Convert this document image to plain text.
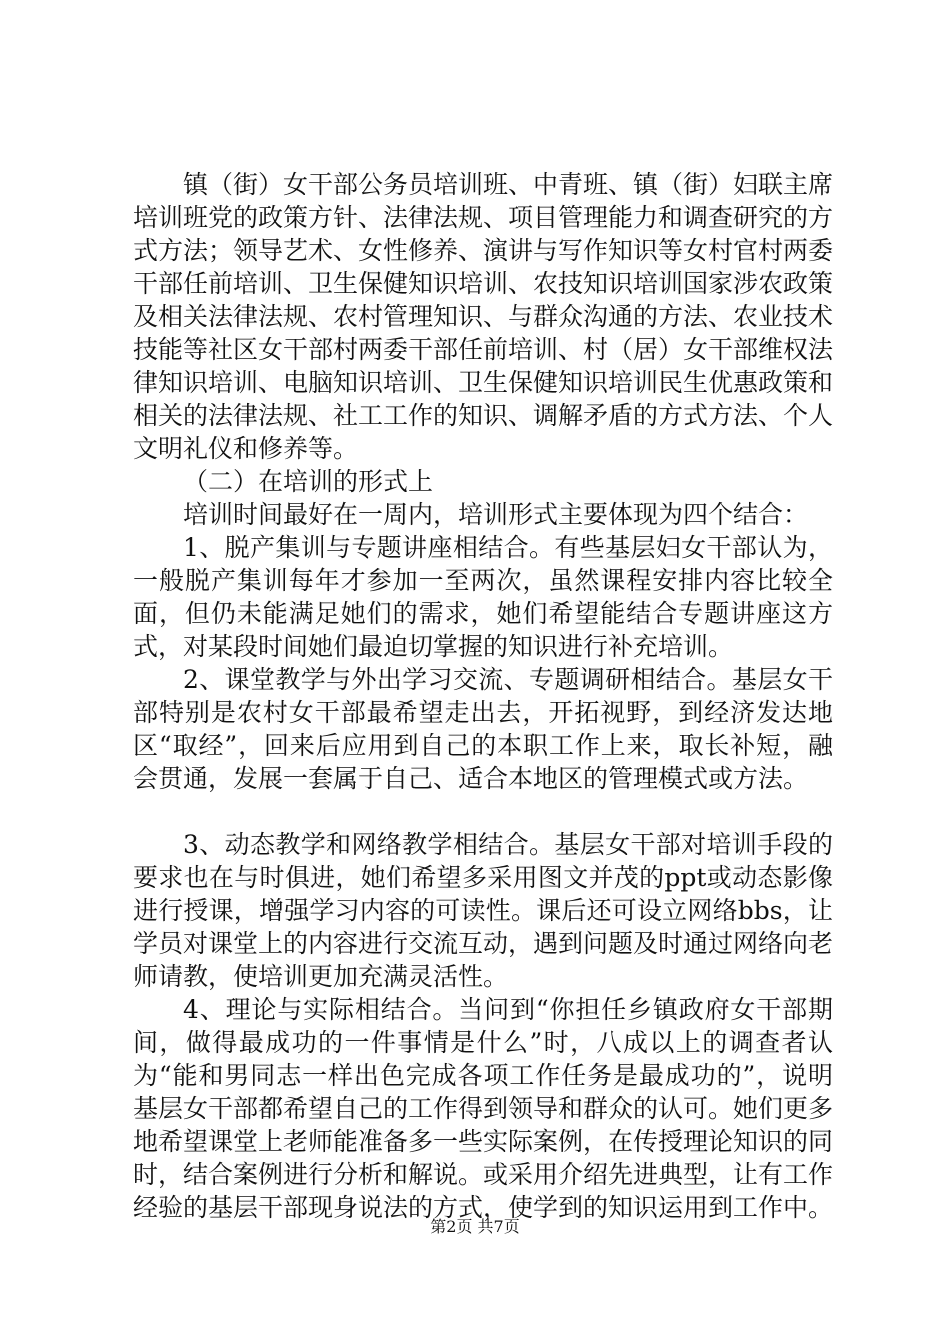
镇（街）女干部公务员培训班、中青班、镇（街）妇联主席培训班党的政策方针、法律法规、项目管理能力和调查研究的方式方法；领导艺术、女性修养、演讲与写作知识等女村官村两委干部任前培训、卫生保健知识培训、农技知识培训国家涉农政策及相关法律法规、农村管理知识、与群众沟通的方法、农业技术技能等社区女干部村两委干部任前培训、村（居）女干部维权法律知识培训、电脑知识培训、卫生保健知识培训民生优惠政策和相关的法律法规、社工工作的知识、调解矛盾的方式方法、个人文明礼仪和修养等。

（二）在培训的形式上

培训时间最好在一周内，培训形式主要体现为四个结合：

1、脱产集训与专题讲座相结合。有些基层妇女干部认为，一般脱产集训每年才参加一至两次，虽然课程安排内容比较全面，但仍未能满足她们的需求，她们希望能结合专题讲座这方式，对某段时间她们最迫切掌握的知识进行补充培训。

2、课堂教学与外出学习交流、专题调研相结合。基层女干部特别是农村女干部最希望走出去，开拓视野，到经济发达地区“取经”，回来后应用到自己的本职工作上来，取长补短，融会贯通，发展一套属于自己、适合本地区的管理模式或方法。

3、动态教学和网络教学相结合。基层女干部对培训手段的要求也在与时俱进，她们希望多采用图文并茂的ppt或动态影像进行授课，增强学习内容的可读性。课后还可设立网络bbs，让学员对课堂上的内容进行交流互动，遇到问题及时通过网络向老师请教，使培训更加充满灵活性。

4、理论与实际相结合。当问到“你担任乡镇政府女干部期间，做得最成功的一件事情是什么”时，八成以上的调查者认为“能和男同志一样出色完成各项工作任务是最成功的”，说明基层女干部都希望自己的工作得到领导和群众的认可。她们更多地希望课堂上老师能准备多一些实际案例，在传授理论知识的同时，结合案例进行分析和解说。或采用介绍先进典型，让有工作经验的基层干部现身说法的方式，使学到的知识运用到工作中。

第2页 共7页
